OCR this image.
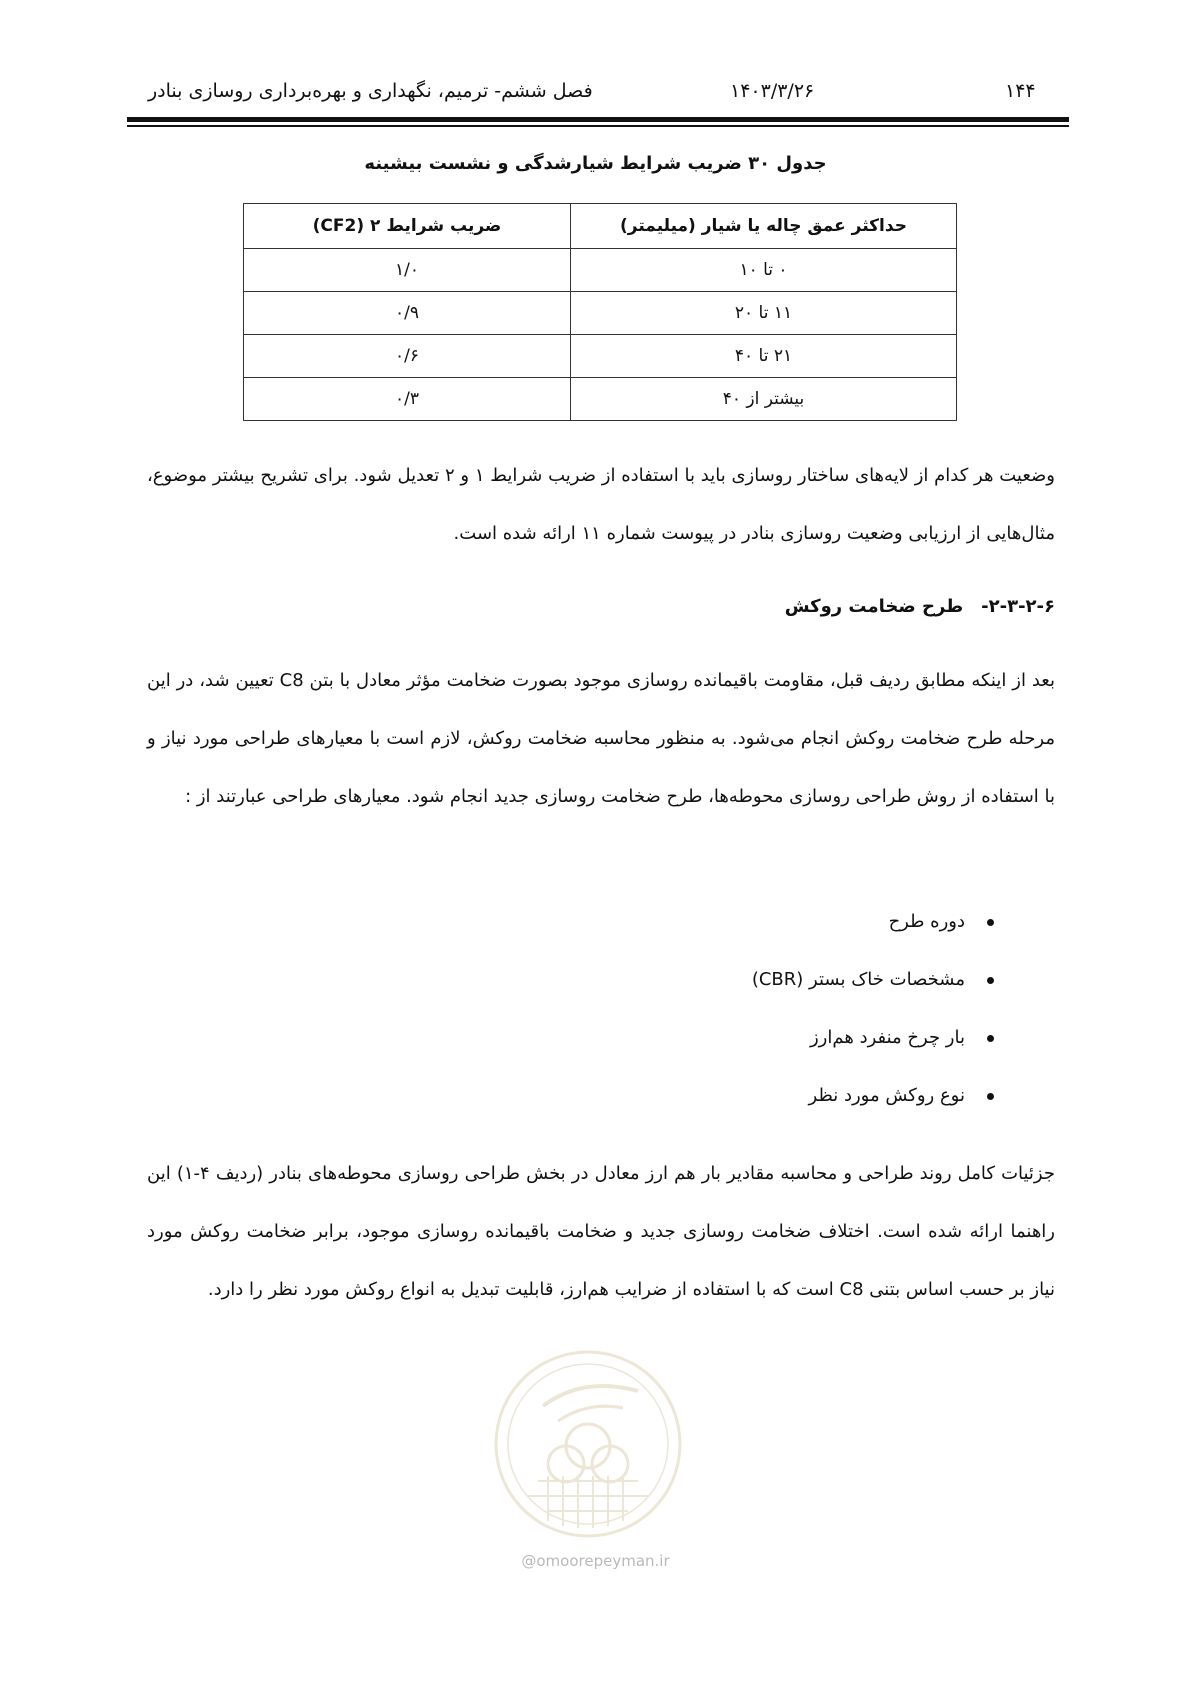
فصل ششم- ترمیم، نگهداری و بهره‌برداری روسازی بنادر	۱۴۰۳/۳/۲۶	۱۴۴
جدول ۳۰ ضریب شرایط شیارشدگی و نشست بیشینه
حداکثر عمق چاله یا شیار (میلیمتر)	ضریب شرایط ۲ (CF2)
۰ تا ۱۰	۱/۰
۱۱ تا ۲۰	۰/۹
۲۱ تا ۴۰	۰/۶
بیشتر از ۴۰	۰/۳

وضعیت هر کدام از لایه‌های ساختار روسازی باید با استفاده از ضریب شرایط ۱ و ۲ تعدیل شود. برای تشریح بیشتر موضوع، مثال‌هایی از ارزیابی وضعیت روسازی بنادر در پیوست شماره ۱۱ ارائه شده است.

۲-۳-۲-۶-طرح ضخامت روکش

بعد از اینکه مطابق ردیف قبل، مقاومت باقیمانده روسازی موجود بصورت ضخامت مؤثر معادل با بتن C8 تعیین شد، در این مرحله طرح ضخامت روکش انجام می‌شود. به منظور محاسبه ضخامت روکش، لازم است با معیارهای طراحی مورد نیاز و با استفاده از روش طراحی روسازی محوطه‌ها، طرح ضخامت روسازی جدید انجام شود. معیارهای طراحی عبارتند از :

دوره طرح
مشخصات خاک بستر (CBR)
بار چرخ منفرد هم‌ارز
نوع روکش مورد نظر

جزئیات کامل روند طراحی و محاسبه مقادیر بار هم ارز معادل در بخش طراحی روسازی محوطه‌های بنادر (ردیف ۴-۱) این راهنما ارائه شده است. اختلاف ضخامت روسازی جدید و ضخامت باقیمانده روسازی موجود، برابر ضخامت روکش مورد نیاز بر حسب اساس بتنی C8 است که با استفاده از ضرایب هم‌ارز، قابلیت تبدیل به انواع روکش مورد نظر را دارد.

@omoorepeyman.ir
